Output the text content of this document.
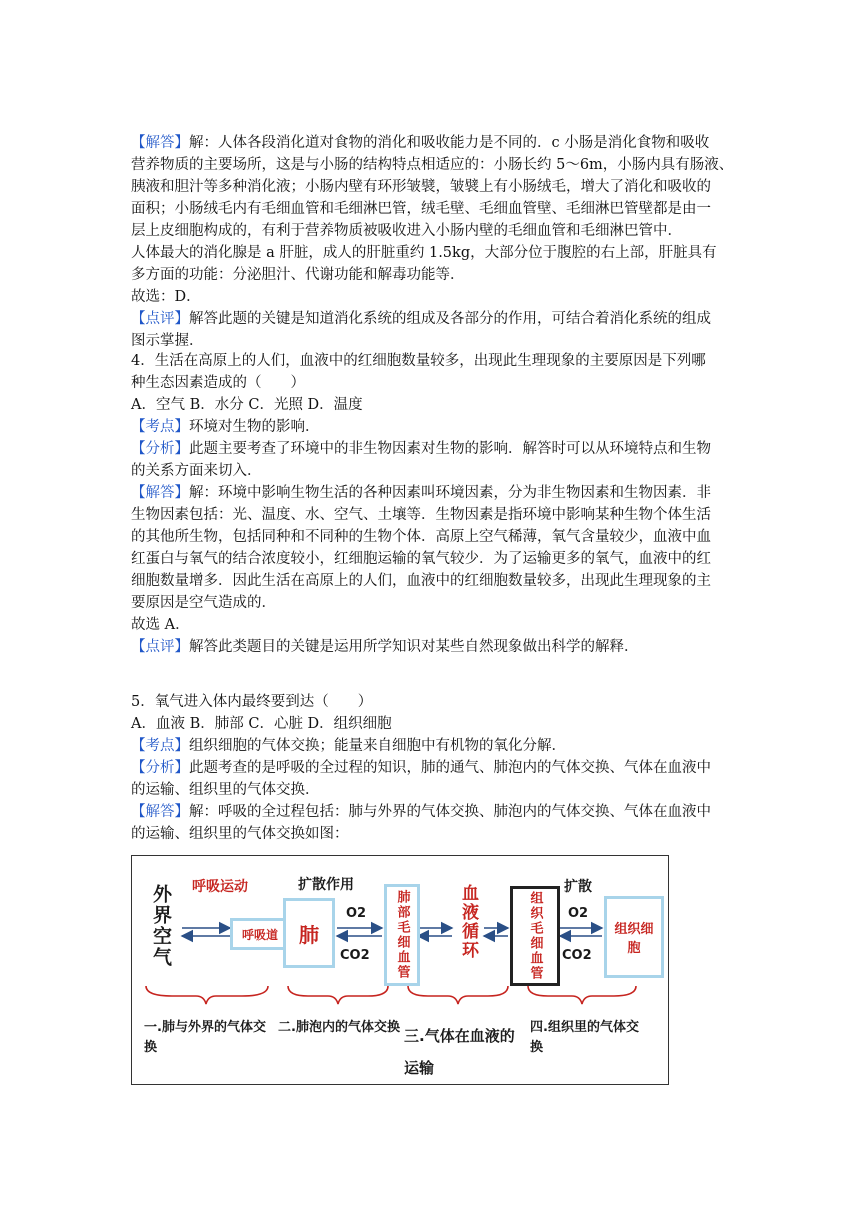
【解答】解：人体各段消化道对食物的消化和吸收能力是不同的．c 小肠是消化食物和吸收
营养物质的主要场所，这是与小肠的结构特点相适应的：小肠长约 5～6m，小肠内具有肠液、
胰液和胆汁等多种消化液；小肠内壁有环形皱襞，皱襞上有小肠绒毛，增大了消化和吸收的
面积；小肠绒毛内有毛细血管和毛细淋巴管，绒毛壁、毛细血管壁、毛细淋巴管壁都是由一
层上皮细胞构成的，有利于营养物质被吸收进入小肠内壁的毛细血管和毛细淋巴管中．
人体最大的消化腺是 a 肝脏，成人的肝脏重约 1.5kg，大部分位于腹腔的右上部，肝脏具有
多方面的功能：分泌胆汁、代谢功能和解毒功能等．
故选：D．
【点评】解答此题的关键是知道消化系统的组成及各部分的作用，可结合着消化系统的组成
图示掌握．
4．生活在高原上的人们，血液中的红细胞数量较多，出现此生理现象的主要原因是下列哪
种生态因素造成的（　　）
A．空气 B．水分 C．光照 D．温度
【考点】环境对生物的影响．
【分析】此题主要考查了环境中的非生物因素对生物的影响．解答时可以从环境特点和生物
的关系方面来切入．
【解答】解：环境中影响生物生活的各种因素叫环境因素，分为非生物因素和生物因素．非
生物因素包括：光、温度、水、空气、土壤等．生物因素是指环境中影响某种生物个体生活
的其他所生物，包括同种和不同种的生物个体．高原上空气稀薄，氧气含量较少，血液中血
红蛋白与氧气的结合浓度较小，红细胞运输的氧气较少．为了运输更多的氧气，血液中的红
细胞数量增多．因此生活在高原上的人们，血液中的红细胞数量较多，出现此生理现象的主
要原因是空气造成的．
故选 A．
【点评】解答此类题目的关键是运用所学知识对某些自然现象做出科学的解释．
5．氧气进入体内最终要到达（　　）
A．血液 B．肺部 C．心脏 D．组织细胞
【考点】组织细胞的气体交换；能量来自细胞中有机物的氧化分解．
【分析】此题考查的是呼吸的全过程的知识，肺的通气、肺泡内的气体交换、气体在血液中
的运输、组织里的气体交换．
【解答】解：呼吸的全过程包括：肺与外界的气体交换、肺泡内的气体交换、气体在血液中
的运输、组织里的气体交换如图：
呼吸运动
外界空气	呼吸道 肺
扩散作用
O2
CO2 肺部毛细血管	血液循环	组织毛细血管
扩散
O2
CO2
组织细胞
一.肺与外界的气体交换
二.肺泡内的气体交换 三.气体在血液的运输
四.组织里的气体交换
